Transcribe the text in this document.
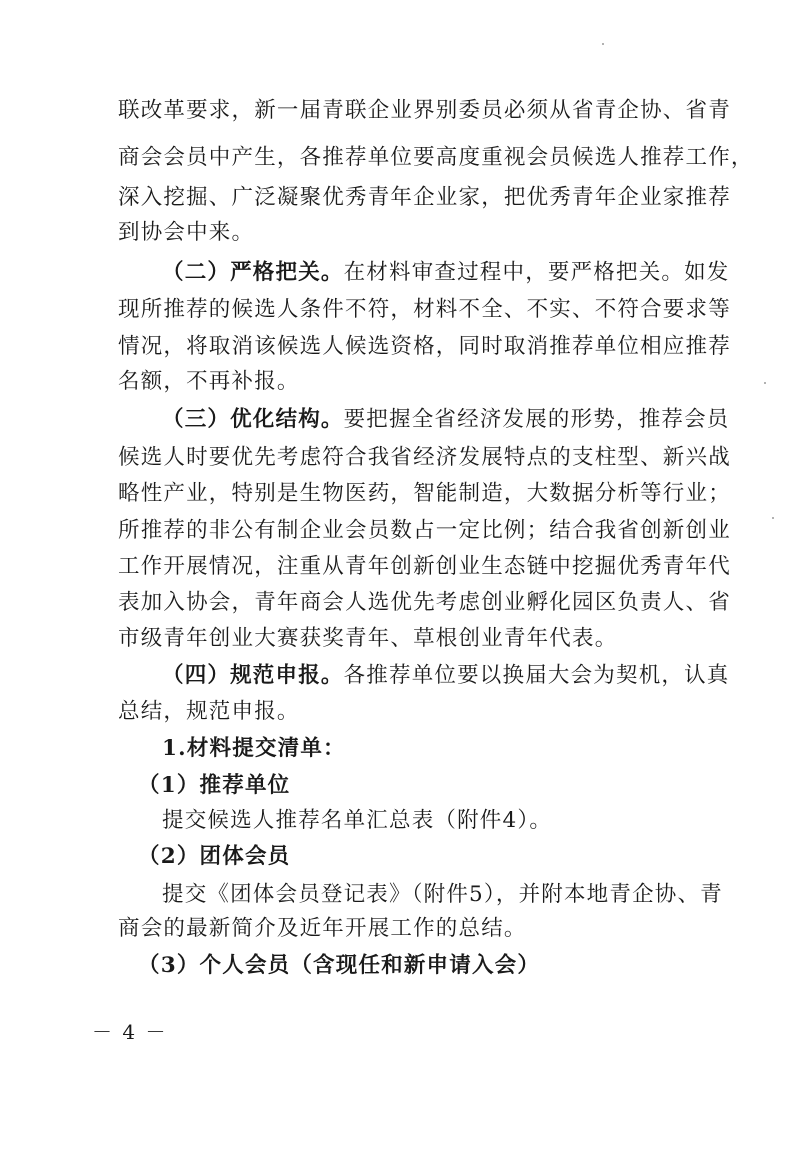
联改革要求，新一届青联企业界别委员必须从省青企协、省青
商会会员中产生，各推荐单位要高度重视会员候选人推荐工作，
深入挖掘、广泛凝聚优秀青年企业家，把优秀青年企业家推荐
到协会中来。
（二）严格把关。在材料审查过程中，要严格把关。如发
现所推荐的候选人条件不符，材料不全、不实、不符合要求等
情况，将取消该候选人候选资格，同时取消推荐单位相应推荐
名额，不再补报。
（三）优化结构。要把握全省经济发展的形势，推荐会员
候选人时要优先考虑符合我省经济发展特点的支柱型、新兴战
略性产业，特别是生物医药，智能制造，大数据分析等行业；
所推荐的非公有制企业会员数占一定比例；结合我省创新创业
工作开展情况，注重从青年创新创业生态链中挖掘优秀青年代
表加入协会，青年商会人选优先考虑创业孵化园区负责人、省
市级青年创业大赛获奖青年、草根创业青年代表。
（四）规范申报。各推荐单位要以换届大会为契机，认真
总结，规范申报。
1.材料提交清单：
（1）推荐单位
提交候选人推荐名单汇总表（附件4）。
（2）团体会员
提交《团体会员登记表》（附件5），并附本地青企协、青
商会的最新简介及近年开展工作的总结。
（3）个人会员（含现任和新申请入会）
－ 4 －
